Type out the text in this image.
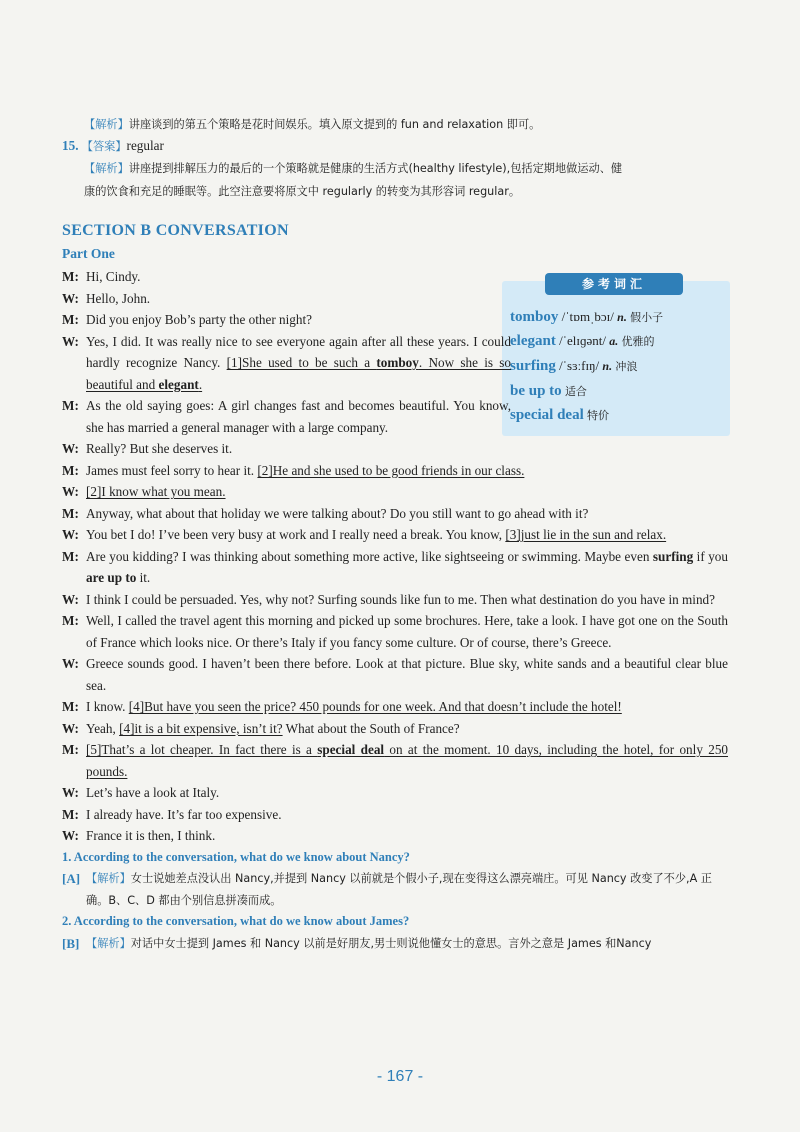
【解析】讲座谈到的第五个策略是花时间娱乐。填入原文提到的 fun and relaxation 即可。
15. 【答案】regular
【解析】讲座提到排解压力的最后的一个策略就是健康的生活方式(healthy lifestyle),包括定期地做运动、健
康的饮食和充足的睡眠等。此空注意要将原文中 regularly 的转变为其形容词 regular。
SECTION B CONVERSATION
Part One
参考词汇
tomboy /ˈtɒmˌbɔɪ/ n. 假小子
elegant /ˈelɪɡənt/ a. 优雅的
surfing /ˈsɜːfɪŋ/ n. 冲浪
be up to 适合
special deal 特价
M: Hi, Cindy.
W: Hello, John.
M: Did you enjoy Bob’s party the other night?
W: Yes, I did. It was really nice to see everyone again after all these years. I could hardly recognize Nancy. [1]She used to be such a tomboy. Now she is so beautiful and elegant.
M: As the old saying goes: A girl changes fast and becomes beautiful. You know, she has married a general manager with a large company.
W: Really? But she deserves it.
M: James must feel sorry to hear it. [2]He and she used to be good friends in our class.
W: [2]I know what you mean.
M: Anyway, what about that holiday we were talking about? Do you still want to go ahead with it?
W: You bet I do! I’ve been very busy at work and I really need a break. You know, [3]just lie in the sun and relax.
M: Are you kidding? I was thinking about something more active, like sightseeing or swimming. Maybe even surfing if you are up to it.
W: I think I could be persuaded. Yes, why not? Surfing sounds like fun to me. Then what destination do you have in mind?
M: Well, I called the travel agent this morning and picked up some brochures. Here, take a look. I have got one on the South of France which looks nice. Or there’s Italy if you fancy some culture. Or of course, there’s Greece.
W: Greece sounds good. I haven’t been there before. Look at that picture. Blue sky, white sands and a beautiful clear blue sea.
M: I know. [4]But have you seen the price? 450 pounds for one week. And that doesn’t include the hotel!
W: Yeah, [4]it is a bit expensive, isn’t it? What about the South of France?
M: [5]That’s a lot cheaper. In fact there is a special deal on at the moment. 10 days, including the hotel, for only 250 pounds.
W: Let’s have a look at Italy.
M: I already have. It’s far too expensive.
W: France it is then, I think.
1. According to the conversation, what do we know about Nancy?
[A] 【解析】女士说她差点没认出 Nancy,并提到 Nancy 以前就是个假小子,现在变得这么漂亮端庄。可见 Nancy 改变了不少,A 正确。B、C、D 都由个别信息拼凑而成。
2. According to the conversation, what do we know about James?
[B] 【解析】对话中女士提到 James 和 Nancy 以前是好朋友,男士则说他懂女士的意思。言外之意是 James 和Nancy
- 167 -
